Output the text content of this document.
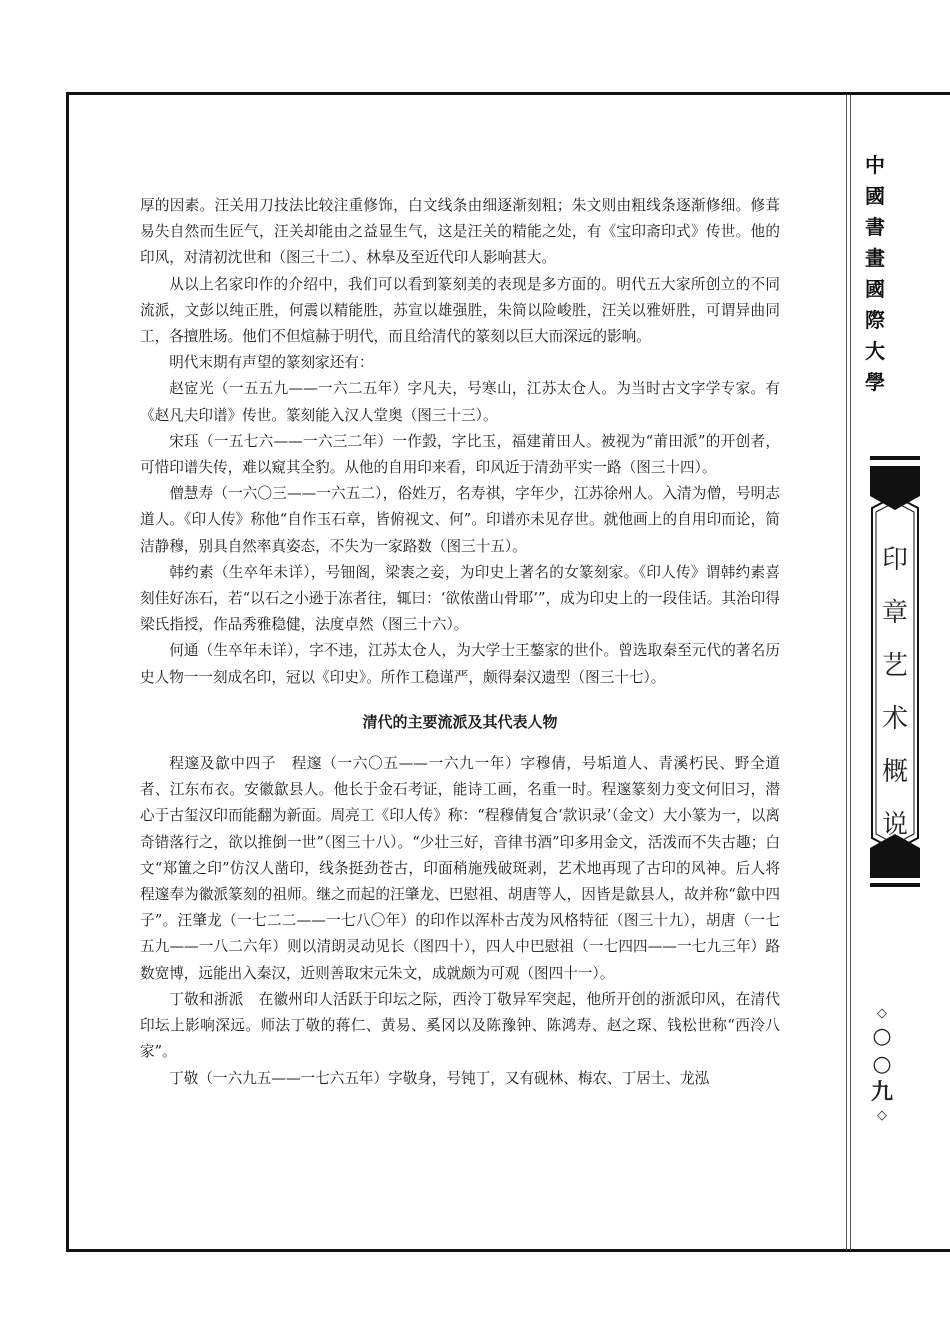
中
國
書
畫
國
際
大
學
印
章
艺
术
概
说
◇
○
○
九
◇

厚的因素。汪关用刀技法比较注重修饰，白文线条由细逐渐刻粗；朱文则由粗线条逐渐修细。修葺易失自然而生匠气，汪关却能由之益显生气，这是汪关的精能之处，有《宝印斋印式》传世。他的印风，对清初沈世和（图三十二）、林皋及至近代印人影响甚大。

从以上名家印作的介绍中，我们可以看到篆刻美的表现是多方面的。明代五大家所创立的不同流派，文彭以纯正胜，何震以精能胜，苏宣以雄强胜，朱简以险峻胜，汪关以雅妍胜，可谓异曲同工，各擅胜场。他们不但煊赫于明代，而且给清代的篆刻以巨大而深远的影响。

明代末期有声望的篆刻家还有：

赵宧光（一五五九——一六二五年）字凡夫，号寒山，江苏太仓人。为当时古文字学专家。有《赵凡夫印谱》传世。篆刻能入汉人堂奥（图三十三）。

宋珏（一五七六——一六三二年）一作瑴，字比玉，福建莆田人。被视为“莆田派”的开创者，可惜印谱失传，难以窥其全豹。从他的自用印来看，印风近于清劲平实一路（图三十四）。

僧慧寿（一六〇三——一六五二），俗姓万，名寿祺，字年少，江苏徐州人。入清为僧，号明志道人。《印人传》称他“自作玉石章，皆俯视文、何”。印谱亦未见存世。就他画上的自用印而论，简洁静穆，别具自然率真姿态，不失为一家路数（图三十五）。

韩约素（生卒年未详），号钿阁，梁袠之妾，为印史上著名的女篆刻家。《印人传》谓韩约素喜刻佳好冻石，若“以石之小逊于冻者往，辄曰：‘欲侬凿山骨耶’”，成为印史上的一段佳话。其治印得梁氏指授，作品秀雅稳健，法度卓然（图三十六）。

何通（生卒年未详），字不违，江苏太仓人，为大学士王鏊家的世仆。曾选取秦至元代的著名历史人物一一刻成名印，冠以《印史》。所作工稳谨严，颇得秦汉遗型（图三十七）。

清代的主要流派及其代表人物

程邃及歙中四子　程邃（一六〇五——一六九一年）字穆倩，号垢道人、青溪朽民、野全道者、江东布衣。安徽歙县人。他长于金石考证，能诗工画，名重一时。程邃篆刻力变文何旧习，潜心于古玺汉印而能翻为新面。周亮工《印人传》称：“程穆倩复合‘款识录’（金文）大小篆为一，以离奇错落行之，欲以推倒一世”（图三十八）。“少壮三好，音律书酒”印多用金文，活泼而不失古趣；白文“郑簠之印”仿汉人凿印，线条挺劲苍古，印面稍施残破斑剥，艺术地再现了古印的风神。后人将程邃奉为徽派篆刻的祖师。继之而起的汪肇龙、巴慰祖、胡唐等人，因皆是歙县人，故并称“歙中四子”。汪肇龙（一七二二——一七八〇年）的印作以浑朴古茂为风格特征（图三十九），胡唐（一七五九——一八二六年）则以清朗灵动见长（图四十），四人中巴慰祖（一七四四——一七九三年）路数宽博，远能出入秦汉，近则善取宋元朱文，成就颇为可观（图四十一）。

丁敬和浙派　在徽州印人活跃于印坛之际，西泠丁敬异军突起，他所开创的浙派印风，在清代印坛上影响深远。师法丁敬的蒋仁、黄易、奚冈以及陈豫钟、陈鸿寿、赵之琛、钱松世称“西泠八家”。

丁敬（一六九五——一七六五年）字敬身，号钝丁，又有砚林、梅农、丁居士、龙泓
